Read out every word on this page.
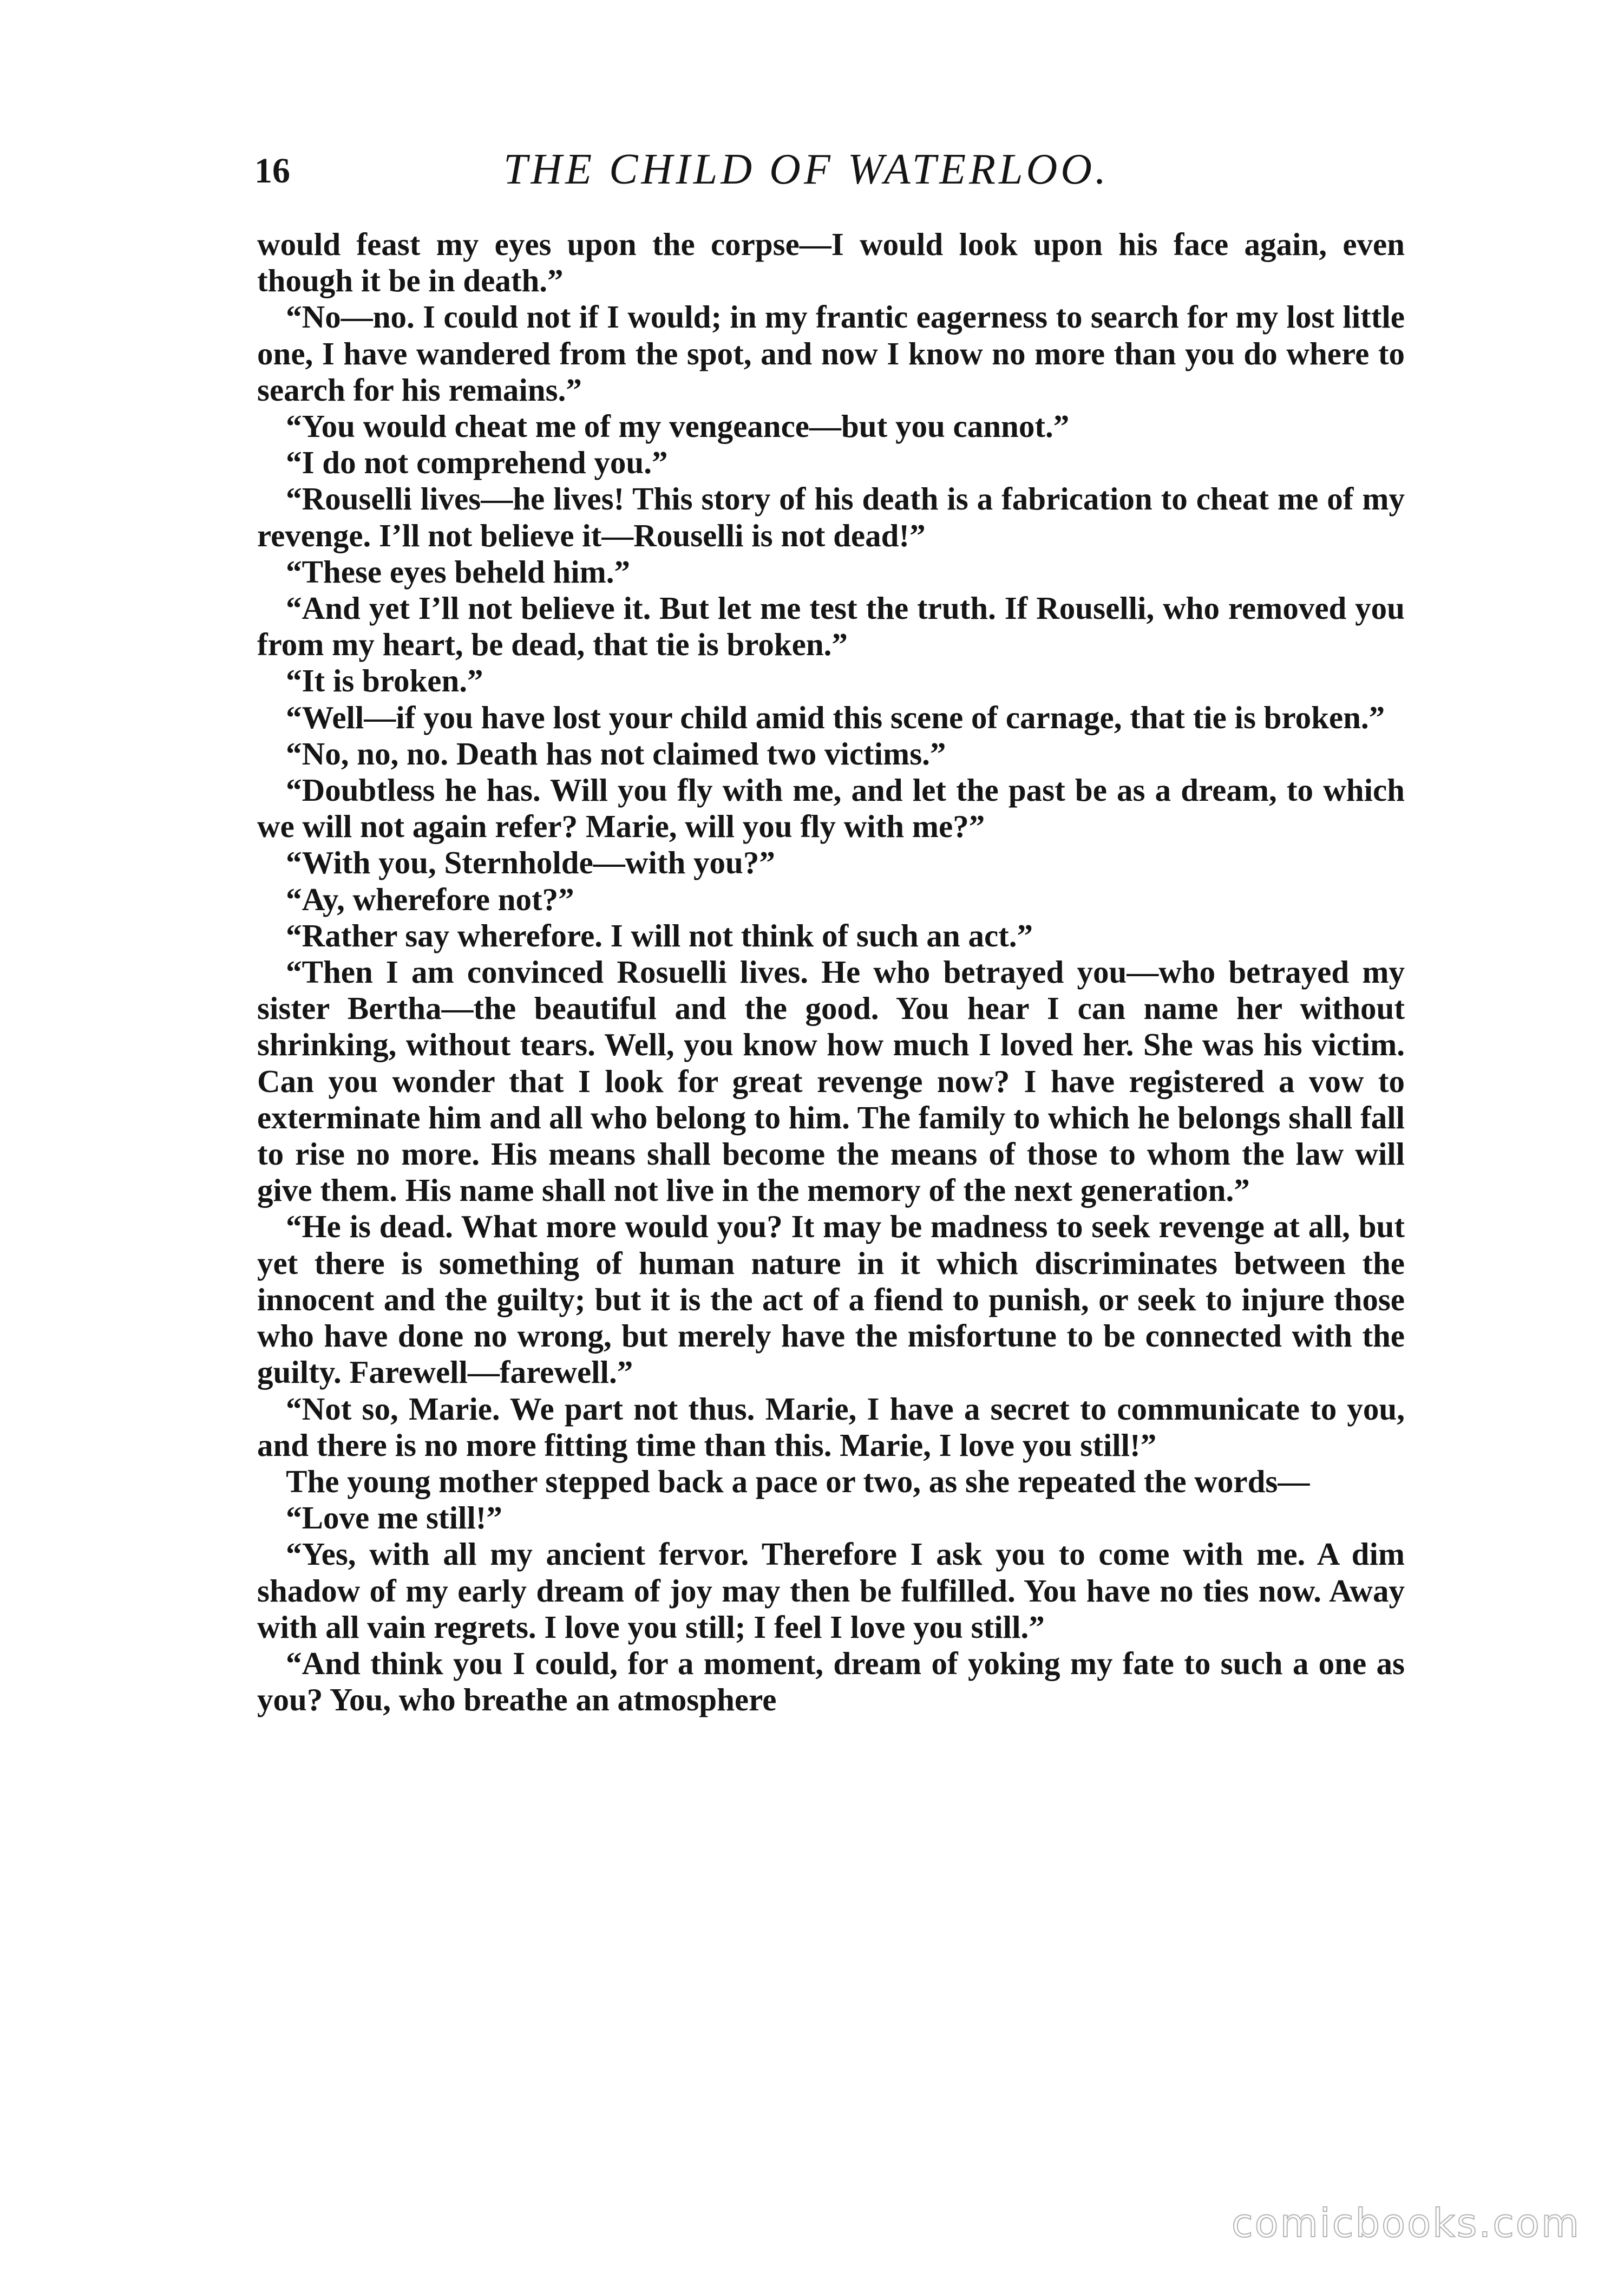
16	THE CHILD OF WATERLOO.

would feast my eyes upon the corpse—I would look upon his face again, even though it be in death.”

“No—no. I could not if I would; in my frantic eagerness to search for my lost little one, I have wandered from the spot, and now I know no more than you do where to search for his remains.”

“You would cheat me of my vengeance—but you cannot.”

“I do not comprehend you.”

“Rouselli lives—he lives! This story of his death is a fabrication to cheat me of my revenge. I’ll not believe it—Rouselli is not dead!”

“These eyes beheld him.”

“And yet I’ll not believe it. But let me test the truth. If Rouselli, who removed you from my heart, be dead, that tie is broken.”

“It is broken.”

“Well—if you have lost your child amid this scene of carnage, that tie is broken.”

“No, no, no. Death has not claimed two victims.”

“Doubtless he has. Will you fly with me, and let the past be as a dream, to which we will not again refer? Marie, will you fly with me?”

“With you, Sternholde—with you?”

“Ay, wherefore not?”

“Rather say wherefore. I will not think of such an act.”

“Then I am convinced Rosuelli lives. He who betrayed you—who betrayed my sister Bertha—the beautiful and the good. You hear I can name her without shrinking, without tears. Well, you know how much I loved her. She was his victim. Can you wonder that I look for great revenge now? I have registered a vow to exterminate him and all who belong to him. The family to which he belongs shall fall to rise no more. His means shall become the means of those to whom the law will give them. His name shall not live in the memory of the next generation.”

“He is dead. What more would you? It may be madness to seek revenge at all, but yet there is something of human nature in it which discriminates between the innocent and the guilty; but it is the act of a fiend to punish, or seek to injure those who have done no wrong, but merely have the misfortune to be connected with the guilty. Farewell—farewell.”

“Not so, Marie. We part not thus. Marie, I have a secret to communicate to you, and there is no more fitting time than this. Marie, I love you still!”

The young mother stepped back a pace or two, as she repeated the words—

“Love me still!”

“Yes, with all my ancient fervor. Therefore I ask you to come with me. A dim shadow of my early dream of joy may then be fulfilled. You have no ties now. Away with all vain regrets. I love you still; I feel I love you still.”

“And think you I could, for a moment, dream of yoking my fate to such a one as you? You, who breathe an atmosphere

comicbooks.com
